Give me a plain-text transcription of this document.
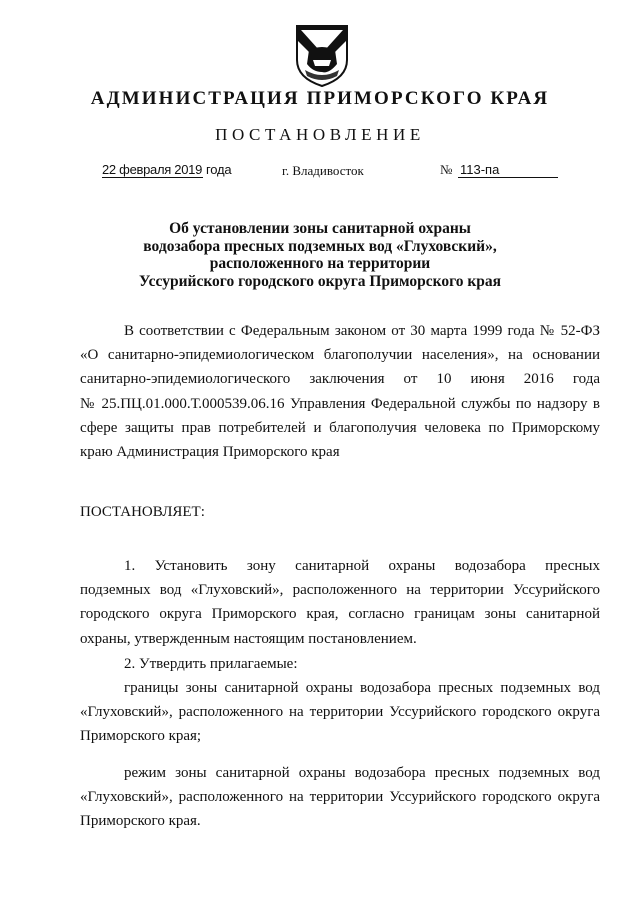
АДМИНИСТРАЦИЯ ПРИМОРСКОГО КРАЯ
ПОСТАНОВЛЕНИЕ
22 февраля 2019 года	г. Владивосток	№ 113-па
Об установлении зоны санитарной охраны
водозабора пресных подземных вод «Глуховский»,
расположенного на территории
Уссурийского городского округа Приморского края
В соответствии с Федеральным законом от 30 марта 1999 года № 52-ФЗ
«О санитарно-эпидемиологическом благополучии населения», на основании
санитарно-эпидемиологического заключения от 10 июня 2016 года
№ 25.ПЦ.01.000.Т.000539.06.16 Управления Федеральной службы по надзору в
сфере защиты прав потребителей и благополучия человека по Приморскому
краю Администрация Приморского края
ПОСТАНОВЛЯЕТ:
1. Установить зону санитарной охраны водозабора пресных
подземных вод «Глуховский», расположенного на территории Уссурийского
городского округа Приморского края, согласно границам зоны санитарной
охраны, утвержденным настоящим постановлением.
2. Утвердить прилагаемые:
границы зоны санитарной охраны водозабора пресных подземных вод
«Глуховский», расположенного на территории Уссурийского городского округа
Приморского края;
режим зоны санитарной охраны водозабора пресных подземных вод
«Глуховский», расположенного на территории Уссурийского городского округа
Приморского края.
